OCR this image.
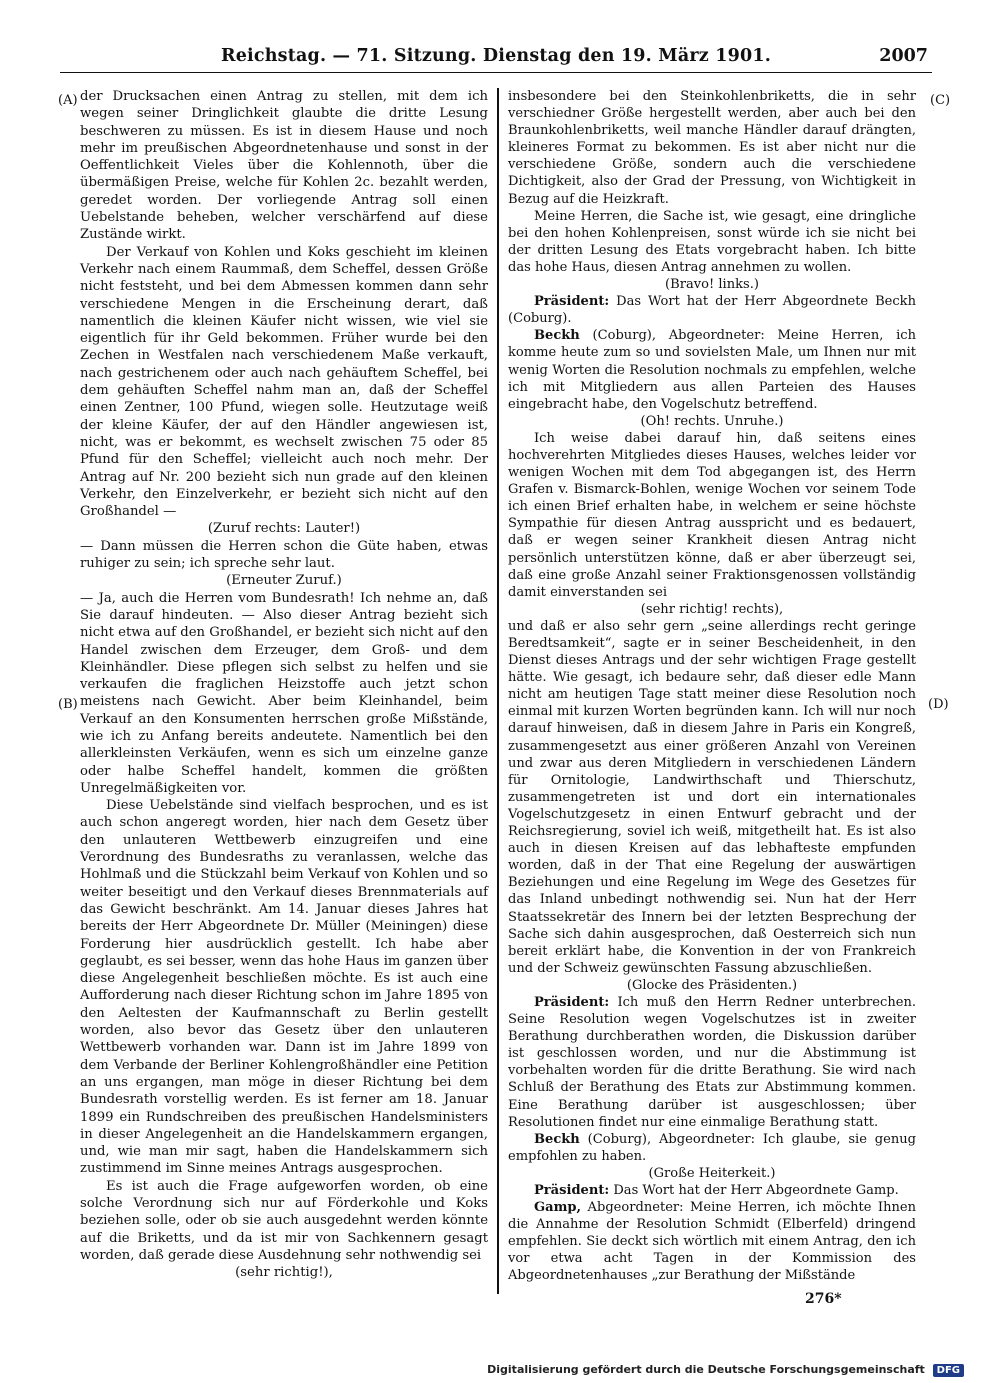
Reichstag. — 71. Sitzung. Dienstag den 19. März 1901.	2007
(A)
(B)
(C)
(D)

der Drucksachen einen Antrag zu stellen, mit dem ich wegen seiner Dringlichkeit glaubte die dritte Lesung beschweren zu müssen. Es ist in diesem Hause und noch mehr im preußischen Abgeordnetenhause und sonst in der Oeffentlichkeit Vieles über die Kohlennoth, über die übermäßigen Preise, welche für Kohlen 2c. bezahlt werden, geredet worden. Der vorliegende Antrag soll einen Uebelstande beheben, welcher verschärfend auf diese Zustände wirkt.

Der Verkauf von Kohlen und Koks geschieht im kleinen Verkehr nach einem Raummaß, dem Scheffel, dessen Größe nicht feststeht, und bei dem Abmessen kommen dann sehr verschiedene Mengen in die Erscheinung derart, daß namentlich die kleinen Käufer nicht wissen, wie viel sie eigentlich für ihr Geld bekommen. Früher wurde bei den Zechen in Westfalen nach verschiedenem Maße verkauft, nach gestrichenem oder auch nach gehäuftem Scheffel, bei dem gehäuften Scheffel nahm man an, daß der Scheffel einen Zentner, 100 Pfund, wiegen solle. Heutzutage weiß der kleine Käufer, der auf den Händler angewiesen ist, nicht, was er bekommt, es wechselt zwischen 75 oder 85 Pfund für den Scheffel; vielleicht auch noch mehr. Der Antrag auf Nr. 200 bezieht sich nun grade auf den kleinen Verkehr, den Einzelverkehr, er bezieht sich nicht auf den Großhandel —

(Zuruf rechts: Lauter!)

— Dann müssen die Herren schon die Güte haben, etwas ruhiger zu sein; ich spreche sehr laut.

(Erneuter Zuruf.)

— Ja, auch die Herren vom Bundesrath! Ich nehme an, daß Sie darauf hindeuten. — Also dieser Antrag bezieht sich nicht etwa auf den Großhandel, er bezieht sich nicht auf den Handel zwischen dem Erzeuger, dem Groß- und dem Kleinhändler. Diese pflegen sich selbst zu helfen und sie verkaufen die fraglichen Heizstoffe auch jetzt schon meistens nach Gewicht. Aber beim Kleinhandel, beim Verkauf an den Konsumenten herrschen große Mißstände, wie ich zu Anfang bereits andeutete. Namentlich bei den allerkleinsten Verkäufen, wenn es sich um einzelne ganze oder halbe Scheffel handelt, kommen die größten Unregelmäßigkeiten vor.

Diese Uebelstände sind vielfach besprochen, und es ist auch schon angeregt worden, hier nach dem Gesetz über den unlauteren Wettbewerb einzugreifen und eine Verordnung des Bundesraths zu veranlassen, welche das Hohlmaß und die Stückzahl beim Verkauf von Kohlen und so weiter beseitigt und den Verkauf dieses Brennmaterials auf das Gewicht beschränkt. Am 14. Januar dieses Jahres hat bereits der Herr Abgeordnete Dr. Müller (Meiningen) diese Forderung hier ausdrücklich gestellt. Ich habe aber geglaubt, es sei besser, wenn das hohe Haus im ganzen über diese Angelegenheit beschließen möchte. Es ist auch eine Aufforderung nach dieser Richtung schon im Jahre 1895 von den Aeltesten der Kaufmannschaft zu Berlin gestellt worden, also bevor das Gesetz über den unlauteren Wettbewerb vorhanden war. Dann ist im Jahre 1899 von dem Verbande der Berliner Kohlengroßhändler eine Petition an uns ergangen, man möge in dieser Richtung bei dem Bundesrath vorstellig werden. Es ist ferner am 18. Januar 1899 ein Rundschreiben des preußischen Handelsministers in dieser Angelegenheit an die Handelskammern ergangen, und, wie man mir sagt, haben die Handelskammern sich zustimmend im Sinne meines Antrags ausgesprochen.

Es ist auch die Frage aufgeworfen worden, ob eine solche Verordnung sich nur auf Förderkohle und Koks beziehen solle, oder ob sie auch ausgedehnt werden könnte auf die Briketts, und da ist mir von Sachkennern gesagt worden, daß gerade diese Ausdehnung sehr nothwendig sei

(sehr richtig!),

insbesondere bei den Steinkohlenbriketts, die in sehr verschiedner Größe hergestellt werden, aber auch bei den Braunkohlenbriketts, weil manche Händler darauf drängten, kleineres Format zu bekommen. Es ist aber nicht nur die verschiedene Größe, sondern auch die verschiedene Dichtigkeit, also der Grad der Pressung, von Wichtigkeit in Bezug auf die Heizkraft.

Meine Herren, die Sache ist, wie gesagt, eine dringliche bei den hohen Kohlenpreisen, sonst würde ich sie nicht bei der dritten Lesung des Etats vorgebracht haben. Ich bitte das hohe Haus, diesen Antrag annehmen zu wollen.

(Bravo! links.)

Präsident: Das Wort hat der Herr Abgeordnete Beckh (Coburg).

Beckh (Coburg), Abgeordneter: Meine Herren, ich komme heute zum so und sovielsten Male, um Ihnen nur mit wenig Worten die Resolution nochmals zu empfehlen, welche ich mit Mitgliedern aus allen Parteien des Hauses eingebracht habe, den Vogelschutz betreffend.

(Oh! rechts. Unruhe.)

Ich weise dabei darauf hin, daß seitens eines hochverehrten Mitgliedes dieses Hauses, welches leider vor wenigen Wochen mit dem Tod abgegangen ist, des Herrn Grafen v. Bismarck-Bohlen, wenige Wochen vor seinem Tode ich einen Brief erhalten habe, in welchem er seine höchste Sympathie für diesen Antrag ausspricht und es bedauert, daß er wegen seiner Krankheit diesen Antrag nicht persönlich unterstützen könne, daß er aber überzeugt sei, daß eine große Anzahl seiner Fraktionsgenossen vollständig damit einverstanden sei

(sehr richtig! rechts),

und daß er also sehr gern „seine allerdings recht geringe Beredtsamkeit“, sagte er in seiner Bescheidenheit, in den Dienst dieses Antrags und der sehr wichtigen Frage gestellt hätte. Wie gesagt, ich bedaure sehr, daß dieser edle Mann nicht am heutigen Tage statt meiner diese Resolution noch einmal mit kurzen Worten begründen kann. Ich will nur noch darauf hinweisen, daß in diesem Jahre in Paris ein Kongreß, zusammengesetzt aus einer größeren Anzahl von Vereinen und zwar aus deren Mitgliedern in verschiedenen Ländern für Ornitologie, Landwirthschaft und Thierschutz, zusammengetreten ist und dort ein internationales Vogelschutzgesetz in einen Entwurf gebracht und der Reichsregierung, soviel ich weiß, mitgetheilt hat. Es ist also auch in diesen Kreisen auf das lebhafteste empfunden worden, daß in der That eine Regelung der auswärtigen Beziehungen und eine Regelung im Wege des Gesetzes für das Inland unbedingt nothwendig sei. Nun hat der Herr Staatssekretär des Innern bei der letzten Besprechung der Sache sich dahin ausgesprochen, daß Oesterreich sich nun bereit erklärt habe, die Konvention in der von Frankreich und der Schweiz gewünschten Fassung abzuschließen.

(Glocke des Präsidenten.)

Präsident: Ich muß den Herrn Redner unterbrechen. Seine Resolution wegen Vogelschutzes ist in zweiter Berathung durchberathen worden, die Diskussion darüber ist geschlossen worden, und nur die Abstimmung ist vorbehalten worden für die dritte Berathung. Sie wird nach Schluß der Berathung des Etats zur Abstimmung kommen. Eine Berathung darüber ist ausgeschlossen; über Resolutionen findet nur eine einmalige Berathung statt.

Beckh (Coburg), Abgeordneter: Ich glaube, sie genug empfohlen zu haben.

(Große Heiterkeit.)

Präsident: Das Wort hat der Herr Abgeordnete Gamp.

Gamp, Abgeordneter: Meine Herren, ich möchte Ihnen die Annahme der Resolution Schmidt (Elberfeld) dringend empfehlen. Sie deckt sich wörtlich mit einem Antrag, den ich vor etwa acht Tagen in der Kommission des Abgeordnetenhauses „zur Berathung der Mißstände

276*
Digitalisierung gefördert durch die Deutsche Forschungsgemeinschaft DFG
